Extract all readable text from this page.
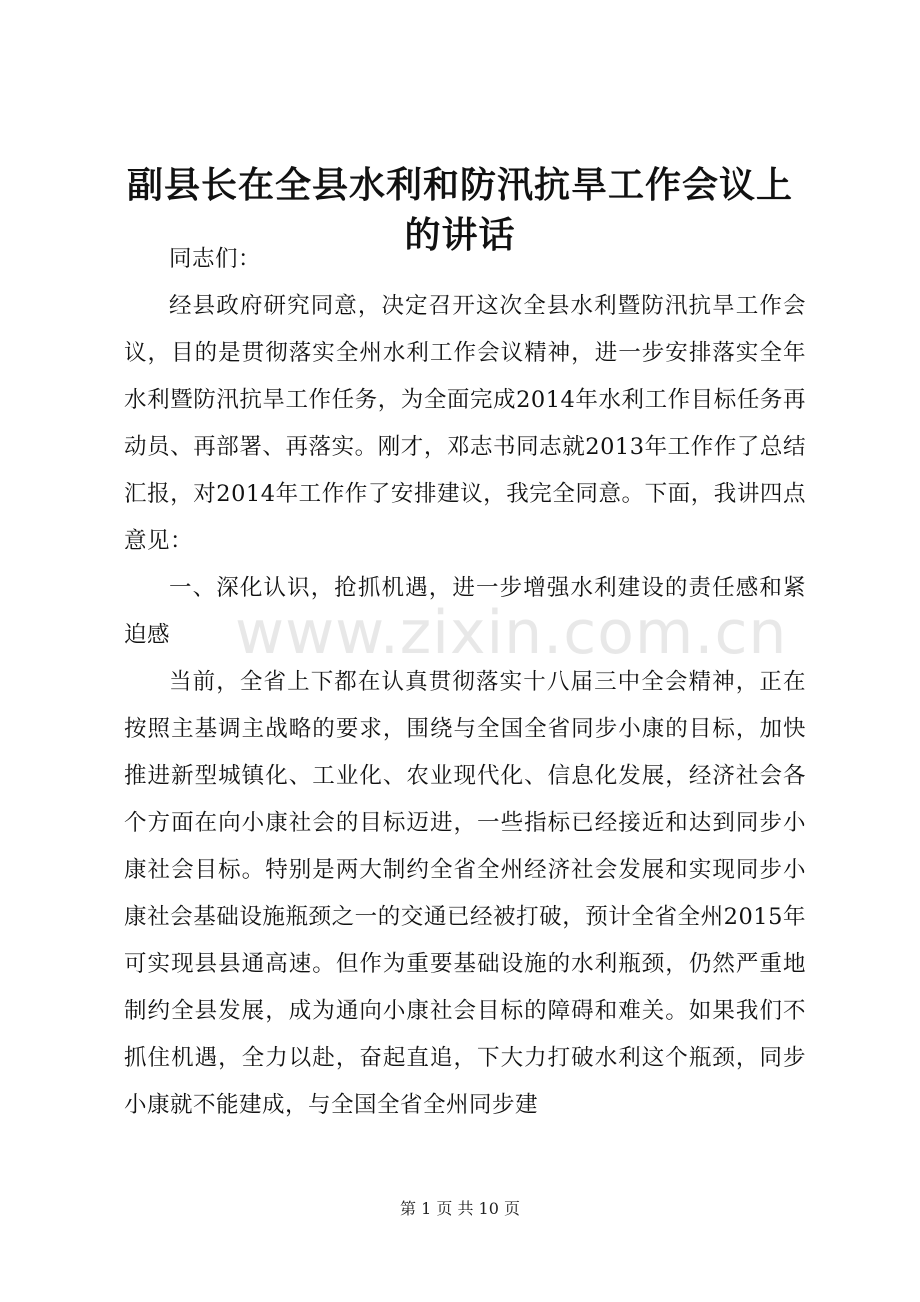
副县长在全县水利和防汛抗旱工作会议上的讲话

同志们：

经县政府研究同意，决定召开这次全县水利暨防汛抗旱工作会议，目的是贯彻落实全州水利工作会议精神，进一步安排落实全年水利暨防汛抗旱工作任务，为全面完成2014年水利工作目标任务再动员、再部署、再落实。刚才，邓志书同志就2013年工作作了总结汇报，对2014年工作作了安排建议，我完全同意。下面，我讲四点意见：

一、深化认识，抢抓机遇，进一步增强水利建设的责任感和紧迫感

当前，全省上下都在认真贯彻落实十八届三中全会精神，正在按照主基调主战略的要求，围绕与全国全省同步小康的目标，加快推进新型城镇化、工业化、农业现代化、信息化发展，经济社会各个方面在向小康社会的目标迈进，一些指标已经接近和达到同步小康社会目标。特别是两大制约全省全州经济社会发展和实现同步小康社会基础设施瓶颈之一的交通已经被打破，预计全省全州2015年可实现县县通高速。但作为重要基础设施的水利瓶颈，仍然严重地制约全县发展，成为通向小康社会目标的障碍和难关。如果我们不抓住机遇，全力以赴，奋起直追，下大力打破水利这个瓶颈，同步小康就不能建成，与全国全省全州同步建

www.zixin.com.cn
第 1 页 共 10 页
